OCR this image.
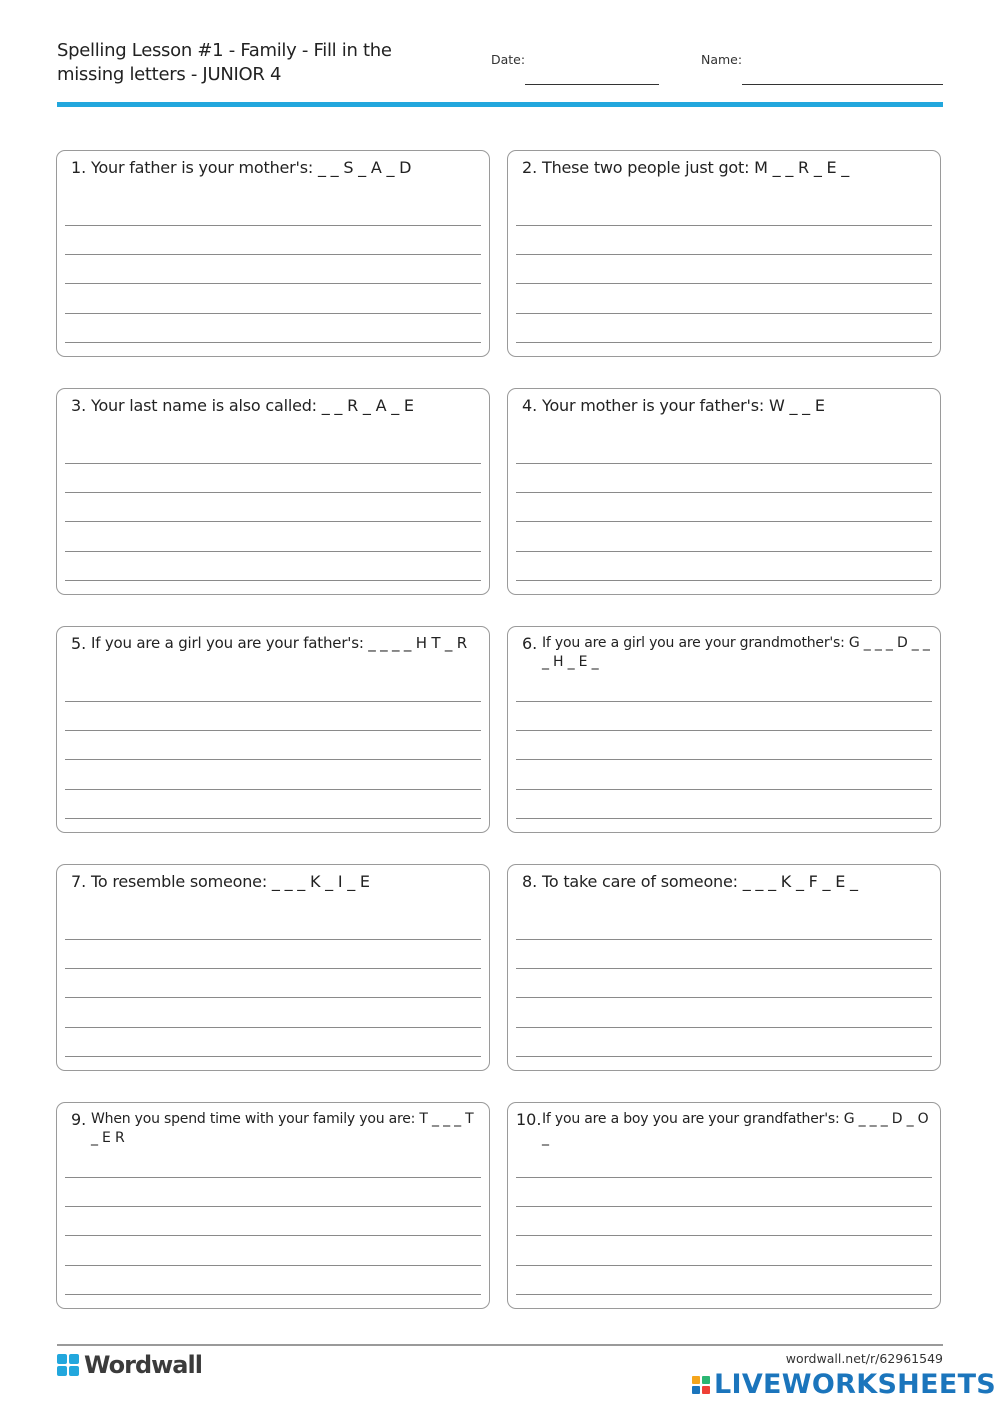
Spelling Lesson #1 - Family - Fill in the missing letters - JUNIOR 4
Date:	Name:
1. Your father is your mother's: _ _ S _ A _ D	2. These two people just got: M _ _ R _ E _
3. Your last name is also called: _ _ R _ A _ E	4. Your mother is your father's: W _ _ E
5. If you are a girl you are your father's: _ _ _ _ H T _ R	6. If you are a girl you are your grandmother's: G _ _ _ D _ _ _ H _ E _
7. To resemble someone: _ _ _ K _ I _ E	8. To take care of someone: _ _ _ K _ F _ E _
9. When you spend time with your family you are: T _ _ _ T _ E R
10. If you are a boy you are your grandfather's: G _ _ _ D _ O _
Wordwall	wordwall.net/r/62961549
LIVEWORKSHEETS
